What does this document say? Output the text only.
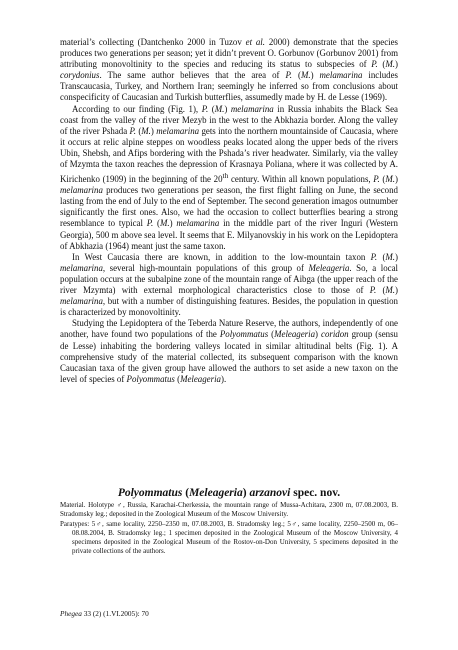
material’s collecting (Dantchenko 2000 in Tuzov et al. 2000) demonstrate that the species produces two generations per season; yet it didn’t prevent O. Gorbunov (Gorbunov 2001) from attributing monovoltinity to the species and reducing its status to subspecies of P. (M.) corydonius. The same author believes that the area of P. (M.) melamarina includes Transcaucasia, Turkey, and Northern Iran; seemingly he inferred so from conclusions about conspecificity of Caucasian and Turkish butterflies, assumedly made by H. de Lesse (1969).

According to our finding (Fig. 1), P. (M.) melamarina in Russia inhabits the Black Sea coast from the valley of the river Mezyb in the west to the Abkhazia border. Along the valley of the river Pshada P. (M.) melamarina gets into the northern mountainside of Caucasia, where it occurs at relic alpine steppes on woodless peaks located along the upper beds of the rivers Ubin, Shebsh, and Afips bordering with the Pshada’s river headwater. Similarly, via the valley of Mzymta the taxon reaches the depression of Krasnaya Poliana, where it was collected by A. Kirichenko (1909) in the beginning of the 20th century. Within all known populations, P. (M.) melamarina produces two generations per season, the first flight falling on June, the second lasting from the end of July to the end of September. The second generation imagos outnumber significantly the first ones. Also, we had the occasion to collect butterflies bearing a strong resemblance to typical P. (M.) melamarina in the middle part of the river Inguri (Western Georgia), 500 m above sea level. It seems that E. Milyanovskiy in his work on the Lepidoptera of Abkhazia (1964) meant just the same taxon.

In West Caucasia there are known, in addition to the low-mountain taxon P. (M.) melamarina, several high-mountain populations of this group of Meleageria. So, a local population occurs at the subalpine zone of the mountain range of Aibga (the upper reach of the river Mzymta) with external morphological characteristics close to those of P. (M.) melamarina, but with a number of distinguishing features. Besides, the population in question is characterized by monovoltinity.

Studying the Lepidoptera of the Teberda Nature Reserve, the authors, independently of one another, have found two populations of the Polyommatus (Meleageria) coridon group (sensu de Lesse) inhabiting the bordering valleys located in similar altitudinal belts (Fig. 1). A comprehensive study of the material collected, its subsequent comparison with the known Caucasian taxa of the given group have allowed the authors to set aside a new taxon on the level of species of Polyommatus (Meleageria).

Polyommatus (Meleageria) arzanovi spec. nov.

Material. Holotype ♂, Russia, Karachai-Cherkessia, the mountain range of Mussa-Achitara, 2300 m, 07.08.2003, B. Stradomsky leg.; deposited in the Zoological Museum of the Moscow University.

Paratypes: 5♂, same locality, 2250–2350 m, 07.08.2003, B. Stradomsky leg.; 5♂, same locality, 2250–2500 m, 06–08.08.2004, B. Stradomsky leg.; 1 specimen deposited in the Zoological Museum of the Moscow University, 4 specimens deposited in the Zoological Museum of the Rostov-on-Don University, 5 specimens deposited in the private collections of the authors.

Phegea 33 (2) (1.VI.2005): 70
